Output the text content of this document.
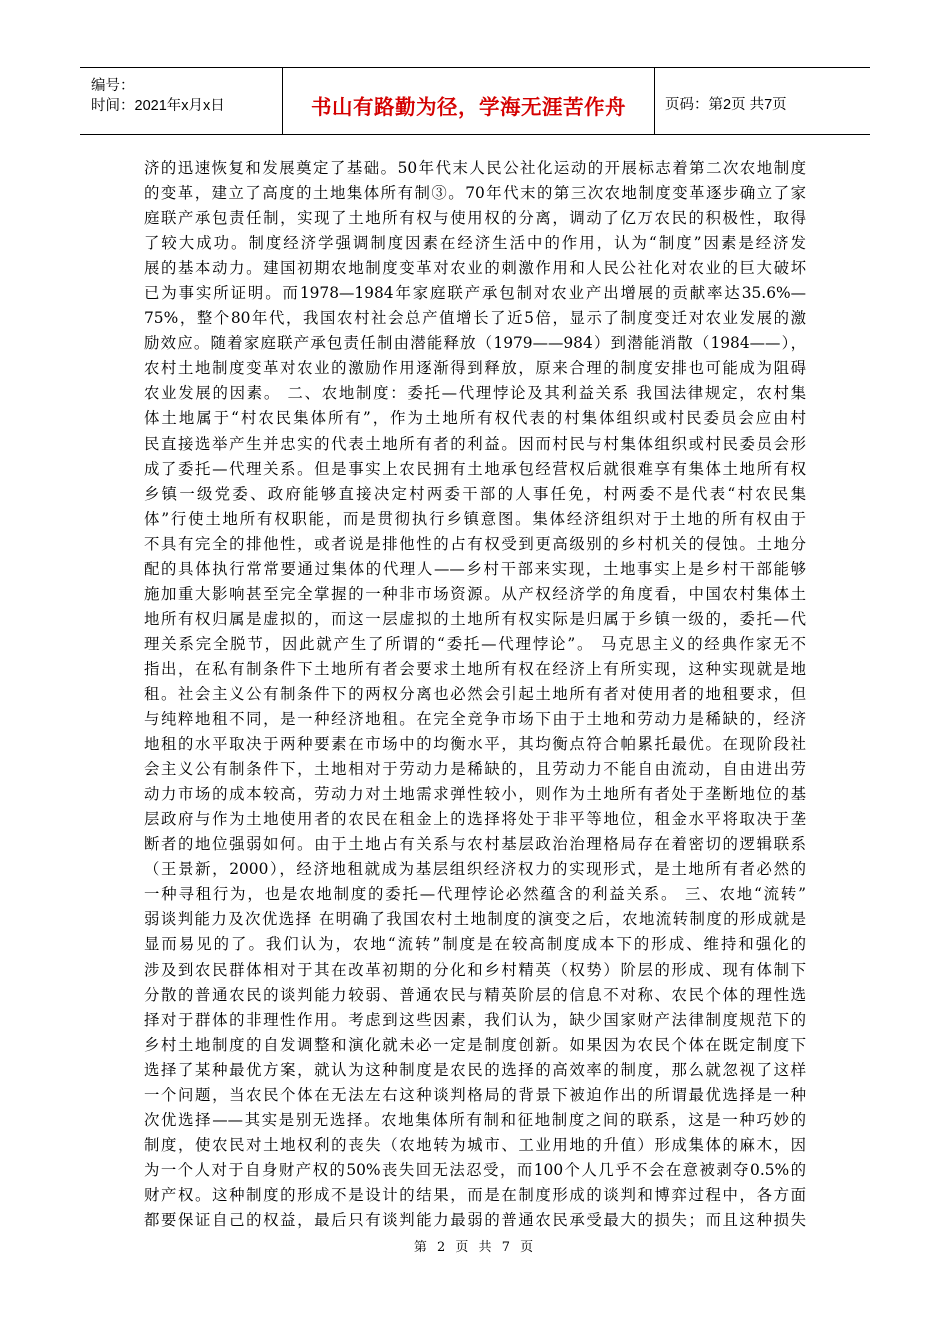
编号：
时间：2021年x月x日	书山有路勤为径，学海无涯苦作舟	页码：第2页 共7页
济的迅速恢复和发展奠定了基础。50年代末人民公社化运动的开展标志着第二次农地制度
的变革，建立了高度的土地集体所有制③。70年代末的第三次农地制度变革逐步确立了家
庭联产承包责任制，实现了土地所有权与使用权的分离，调动了亿万农民的积极性，取得
了较大成功。制度经济学强调制度因素在经济生活中的作用，认为“制度”因素是经济发
展的基本动力。建国初期农地制度变革对农业的刺激作用和人民公社化对农业的巨大破坏
已为事实所证明。而1978—1984年家庭联产承包制对农业产出增展的贡献率达35.6%—
75%，整个80年代，我国农村社会总产值增长了近5倍，显示了制度变迁对农业发展的激
励效应。随着家庭联产承包责任制由潜能释放（1979——984）到潜能消散（1984——），
农村土地制度变革对农业的激励作用逐渐得到释放，原来合理的制度安排也可能成为阻碍
农业发展的因素。 二、农地制度：委托—代理悖论及其利益关系 我国法律规定，农村集
体土地属于“村农民集体所有”，作为土地所有权代表的村集体组织或村民委员会应由村
民直接选举产生并忠实的代表土地所有者的利益。因而村民与村集体组织或村民委员会形
成了委托—代理关系。但是事实上农民拥有土地承包经营权后就很难享有集体土地所有权
乡镇一级党委、政府能够直接决定村两委干部的人事任免，村两委不是代表“村农民集
体”行使土地所有权职能，而是贯彻执行乡镇意图。集体经济组织对于土地的所有权由于
不具有完全的排他性，或者说是排他性的占有权受到更高级别的乡村机关的侵蚀。土地分
配的具体执行常常要通过集体的代理人——乡村干部来实现，土地事实上是乡村干部能够
施加重大影响甚至完全掌握的一种非市场资源。从产权经济学的角度看，中国农村集体土
地所有权归属是虚拟的，而这一层虚拟的土地所有权实际是归属于乡镇一级的，委托—代
理关系完全脱节，因此就产生了所谓的“委托—代理悖论”。 马克思主义的经典作家无不
指出，在私有制条件下土地所有者会要求土地所有权在经济上有所实现，这种实现就是地
租。社会主义公有制条件下的两权分离也必然会引起土地所有者对使用者的地租要求，但
与纯粹地租不同，是一种经济地租。在完全竞争市场下由于土地和劳动力是稀缺的，经济
地租的水平取决于两种要素在市场中的均衡水平，其均衡点符合帕累托最优。在现阶段社
会主义公有制条件下，土地相对于劳动力是稀缺的，且劳动力不能自由流动，自由进出劳
动力市场的成本较高，劳动力对土地需求弹性较小，则作为土地所有者处于垄断地位的基
层政府与作为土地使用者的农民在租金上的选择将处于非平等地位，租金水平将取决于垄
断者的地位强弱如何。由于土地占有关系与农村基层政治治理格局存在着密切的逻辑联系
（王景新，2000），经济地租就成为基层组织经济权力的实现形式，是土地所有者必然的
一种寻租行为，也是农地制度的委托—代理悖论必然蕴含的利益关系。 三、农地“流转”
弱谈判能力及次优选择 在明确了我国农村土地制度的演变之后，农地流转制度的形成就是
显而易见的了。我们认为，农地“流转”制度是在较高制度成本下的形成、维持和强化的
涉及到农民群体相对于其在改革初期的分化和乡村精英（权势）阶层的形成、现有体制下
分散的普通农民的谈判能力较弱、普通农民与精英阶层的信息不对称、农民个体的理性选
择对于群体的非理性作用。考虑到这些因素，我们认为，缺少国家财产法律制度规范下的
乡村土地制度的自发调整和演化就未必一定是制度创新。如果因为农民个体在既定制度下
选择了某种最优方案，就认为这种制度是农民的选择的高效率的制度，那么就忽视了这样
一个问题，当农民个体在无法左右这种谈判格局的背景下被迫作出的所谓最优选择是一种
次优选择——其实是别无选择。农地集体所有制和征地制度之间的联系，这是一种巧妙的
制度，使农民对土地权利的丧失（农地转为城市、工业用地的升值）形成集体的麻木，因
为一个人对于自身财产权的50%丧失回无法忍受，而100个人几乎不会在意被剥夺0.5%的
财产权。这种制度的形成不是设计的结果，而是在制度形成的谈判和博弈过程中，各方面
都要保证自己的权益，最后只有谈判能力最弱的普通农民承受最大的损失；而且这种损失
第 2 页 共 7 页
